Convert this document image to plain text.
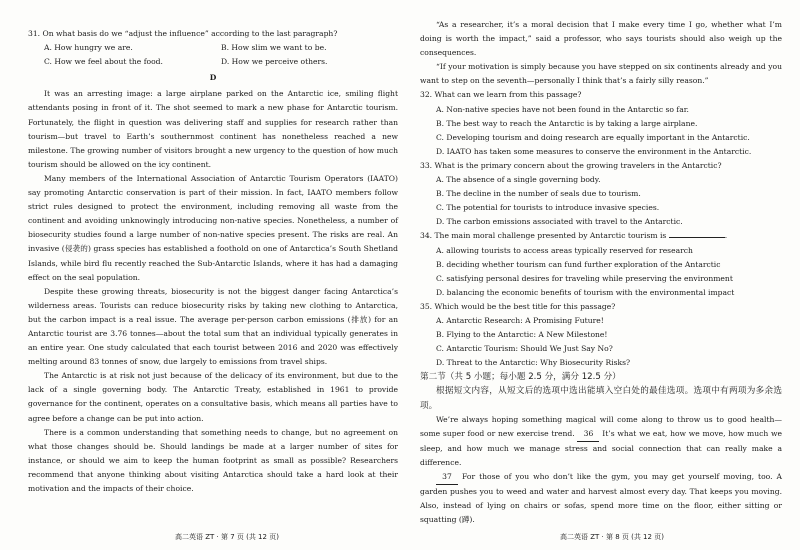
31. On what basis do we “adjust the influence” according to the last paragraph?

A. How hungry we are.	B. How slim we want to be.

C. How we feel about the food.	D. How we perceive others.

D

It was an arresting image: a large airplane parked on the Antarctic ice, smiling flight attendants posing in front of it. The shot seemed to mark a new phase for Antarctic tourism. Fortunately, the flight in question was delivering staff and supplies for research rather than tourism—but travel to Earth’s southernmost continent has nonetheless reached a new milestone. The growing number of visitors brought a new urgency to the question of how much tourism should be allowed on the icy continent.

Many members of the International Association of Antarctic Tourism Operators (IAATO) say promoting Antarctic conservation is part of their mission. In fact, IAATO members follow strict rules designed to protect the environment, including removing all waste from the continent and avoiding unknowingly introducing non-native species. Nonetheless, a number of biosecurity studies found a large number of non-native species present. The risks are real. An invasive (侵袭的) grass species has established a foothold on one of Antarctica’s South Shetland Islands, while bird flu recently reached the Sub-Antarctic Islands, where it has had a damaging effect on the seal population.

Despite these growing threats, biosecurity is not the biggest danger facing Antarctica’s wilderness areas. Tourists can reduce biosecurity risks by taking new clothing to Antarctica, but the carbon impact is a real issue. The average per-person carbon emissions (排放) for an Antarctic tourist are 3.76 tonnes—about the total sum that an individual typically generates in an entire year. One study calculated that each tourist between 2016 and 2020 was effectively melting around 83 tonnes of snow, due largely to emissions from travel ships.

The Antarctic is at risk not just because of the delicacy of its environment, but due to the lack of a single governing body. The Antarctic Treaty, established in 1961 to provide governance for the continent, operates on a consultative basis, which means all parties have to agree before a change can be put into action.

There is a common understanding that something needs to change, but no agreement on what those changes should be. Should landings be made at a larger number of sites for instance, or should we aim to keep the human footprint as small as possible? Researchers recommend that anyone thinking about visiting Antarctica should take a hard look at their motivation and the impacts of their choice.

高二英语 ZT · 第 7 页 (共 12 页)

“As a researcher, it’s a moral decision that I make every time I go, whether what I’m doing is worth the impact,” said a professor, who says tourists should also weigh up the consequences.

“If your motivation is simply because you have stepped on six continents already and you want to step on the seventh—personally I think that’s a fairly silly reason.”

32. What can we learn from this passage?

A. Non-native species have not been found in the Antarctic so far.

B. The best way to reach the Antarctic is by taking a large airplane.

C. Developing tourism and doing research are equally important in the Antarctic.

D. IAATO has taken some measures to conserve the environment in the Antarctic.

33. What is the primary concern about the growing travelers in the Antarctic?

A. The absence of a single governing body.

B. The decline in the number of seals due to tourism.

C. The potential for tourists to introduce invasive species.

D. The carbon emissions associated with travel to the Antarctic.

34. The main moral challenge presented by Antarctic tourism is	.

A. allowing tourists to access areas typically reserved for research

B. deciding whether tourism can fund further exploration of the Antarctic

C. satisfying personal desires for traveling while preserving the environment

D. balancing the economic benefits of tourism with the environmental impact

35. Which would be the best title for this passage?

A. Antarctic Research: A Promising Future!

B. Flying to the Antarctic: A New Milestone!

C. Antarctic Tourism: Should We Just Say No?

D. Threat to the Antarctic: Why Biosecurity Risks?

第二节（共 5 小题；每小题 2.5 分，满分 12.5 分）

根据短文内容，从短文后的选项中选出能填入空白处的最佳选项。选项中有两项为多余选项。

We’re always hoping something magical will come along to throw us to good health—some super food or new exercise trend. 36 It’s what we eat, how we move, how much we sleep, and how much we manage stress and social connection that can really make a difference.

37 For those of you who don’t like the gym, you may get yourself moving, too. A garden pushes you to weed and water and harvest almost every day. That keeps you moving. Also, instead of lying on chairs or sofas, spend more time on the floor, either sitting or squatting (蹲).

高二英语 ZT · 第 8 页 (共 12 页)
